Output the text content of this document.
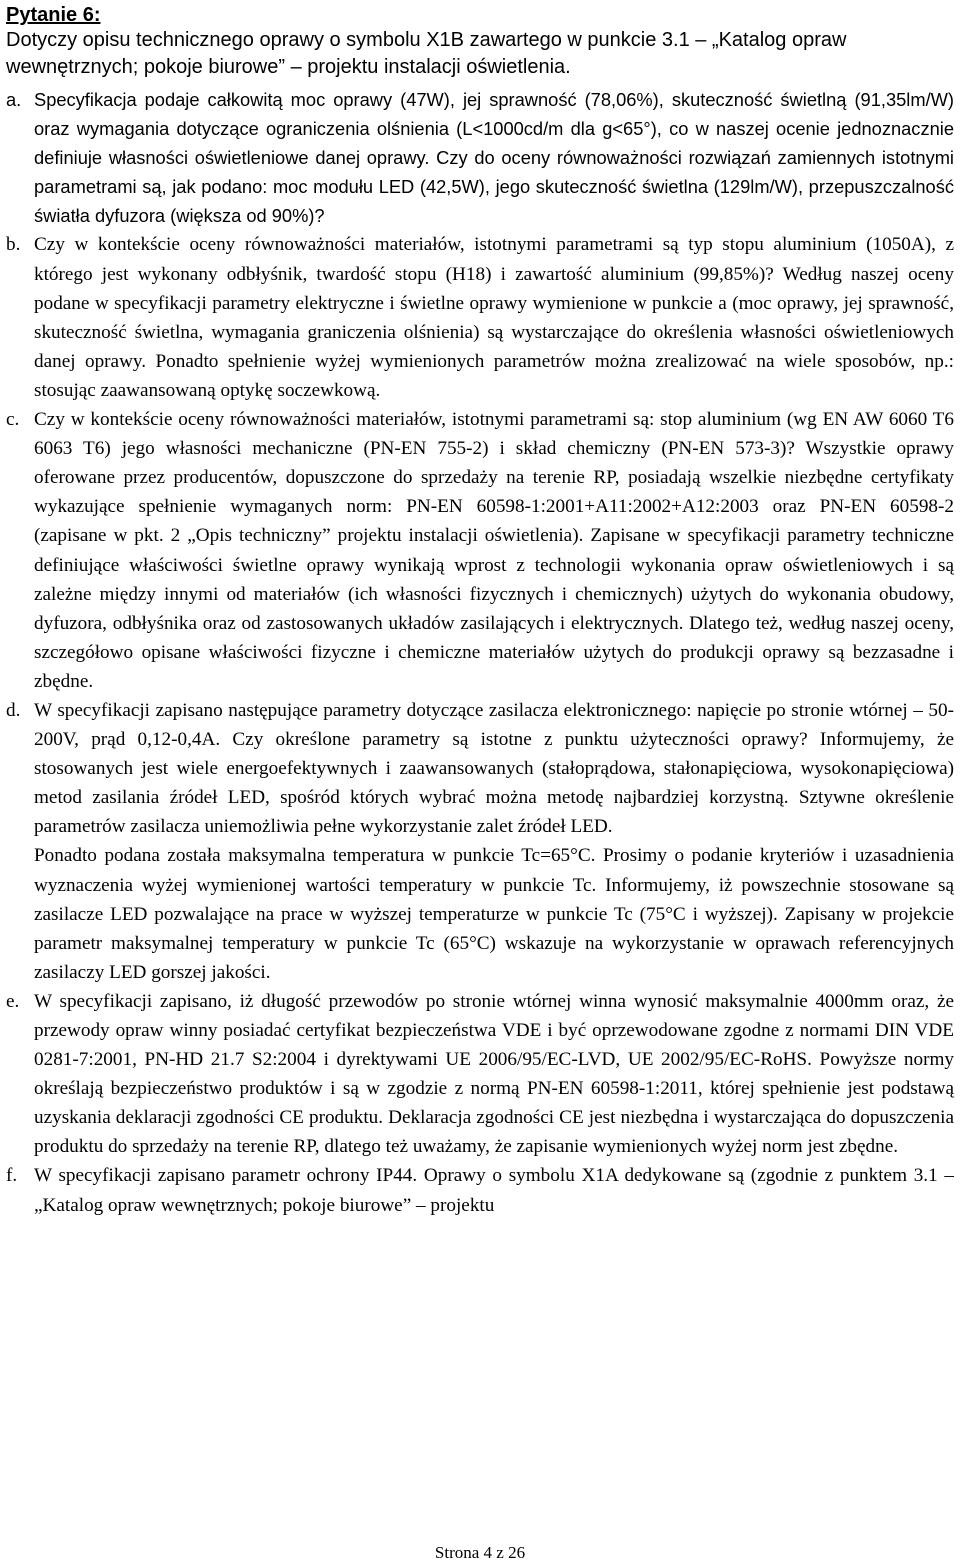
Pytanie 6:

Dotyczy opisu technicznego oprawy o symbolu X1B zawartego w punkcie 3.1 – „Katalog opraw wewnętrznych; pokoje biurowe” – projektu instalacji oświetlenia.

a. Specyfikacja podaje całkowitą moc oprawy (47W), jej sprawność (78,06%), skuteczność świetlną (91,35lm/W) oraz wymagania dotyczące ograniczenia olśnienia (L<1000cd/m dla g<65°), co w naszej ocenie jednoznacznie definiuje własności oświetleniowe danej oprawy. Czy do oceny równoważności rozwiązań zamiennych istotnymi parametrami są, jak podano: moc modułu LED (42,5W), jego skuteczność świetlna (129lm/W), przepuszczalność światła dyfuzora (większa od 90%)?

b. Czy w kontekście oceny równoważności materiałów, istotnymi parametrami są typ stopu aluminium (1050A), z którego jest wykonany odbłyśnik, twardość stopu (H18) i zawartość aluminium (99,85%)? Według naszej oceny podane w specyfikacji parametry elektryczne i świetlne oprawy wymienione w punkcie a (moc oprawy, jej sprawność, skuteczność świetlna, wymagania graniczenia olśnienia) są wystarczające do określenia własności oświetleniowych danej oprawy. Ponadto spełnienie wyżej wymienionych parametrów można zrealizować na wiele sposobów, np.: stosując zaawansowaną optykę soczewkową.

c. Czy w kontekście oceny równoważności materiałów, istotnymi parametrami są: stop aluminium (wg EN AW 6060 T6 6063 T6) jego własności mechaniczne (PN-EN 755-2) i skład chemiczny (PN-EN 573-3)? Wszystkie oprawy oferowane przez producentów, dopuszczone do sprzedaży na terenie RP, posiadają wszelkie niezbędne certyfikaty wykazujące spełnienie wymaganych norm: PN-EN 60598-1:2001+A11:2002+A12:2003 oraz PN-EN 60598-2 (zapisane w pkt. 2 „Opis techniczny” projektu instalacji oświetlenia). Zapisane w specyfikacji parametry techniczne definiujące właściwości świetlne oprawy wynikają wprost z technologii wykonania opraw oświetleniowych i są zależne między innymi od materiałów (ich własności fizycznych i chemicznych) użytych do wykonania obudowy, dyfuzora, odbłyśnika oraz od zastosowanych układów zasilających i elektrycznych. Dlatego też, według naszej oceny, szczegółowo opisane właściwości fizyczne i chemiczne materiałów użytych do produkcji oprawy są bezzasadne i zbędne.

d. W specyfikacji zapisano następujące parametry dotyczące zasilacza elektronicznego: napięcie po stronie wtórnej – 50-200V, prąd 0,12-0,4A. Czy określone parametry są istotne z punktu użyteczności oprawy? Informujemy, że stosowanych jest wiele energoefektywnych i zaawansowanych (stałoprądowa, stałonapięciowa, wysokonapięciowa) metod zasilania źródeł LED, spośród których wybrać można metodę najbardziej korzystną. Sztywne określenie parametrów zasilacza uniemożliwia pełne wykorzystanie zalet źródeł LED.

Ponadto podana została maksymalna temperatura w punkcie Tc=65°C. Prosimy o podanie kryteriów i uzasadnienia wyznaczenia wyżej wymienionej wartości temperatury w punkcie Tc. Informujemy, iż powszechnie stosowane są zasilacze LED pozwalające na prace w wyższej temperaturze w punkcie Tc (75°C i wyższej). Zapisany w projekcie parametr maksymalnej temperatury w punkcie Tc (65°C) wskazuje na wykorzystanie w oprawach referencyjnych zasilaczy LED gorszej jakości.

e. W specyfikacji zapisano, iż długość przewodów po stronie wtórnej winna wynosić maksymalnie 4000mm oraz, że przewody opraw winny posiadać certyfikat bezpieczeństwa VDE i być oprzewodowane zgodne z normami DIN VDE 0281-7:2001, PN-HD 21.7 S2:2004 i dyrektywami UE 2006/95/EC-LVD, UE 2002/95/EC-RoHS. Powyższe normy określają bezpieczeństwo produktów i są w zgodzie z normą PN-EN 60598-1:2011, której spełnienie jest podstawą uzyskania deklaracji zgodności CE produktu. Deklaracja zgodności CE jest niezbędna i wystarczająca do dopuszczenia produktu do sprzedaży na terenie RP, dlatego też uważamy, że zapisanie wymienionych wyżej norm jest zbędne.

f. W specyfikacji zapisano parametr ochrony IP44. Oprawy o symbolu X1A dedykowane są (zgodnie z punktem 3.1 – „Katalog opraw wewnętrznych; pokoje biurowe” – projektu

Strona 4 z 26
